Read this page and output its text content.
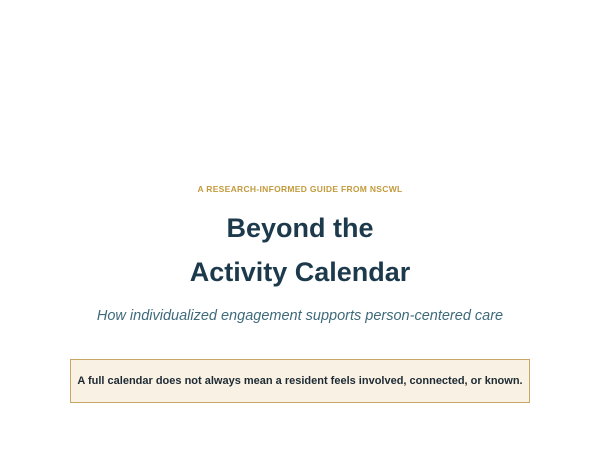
A RESEARCH-INFORMED GUIDE FROM NSCWL
Beyond the
Activity Calendar
How individualized engagement supports person-centered care
A full calendar does not always mean a resident feels involved, connected, or known.
